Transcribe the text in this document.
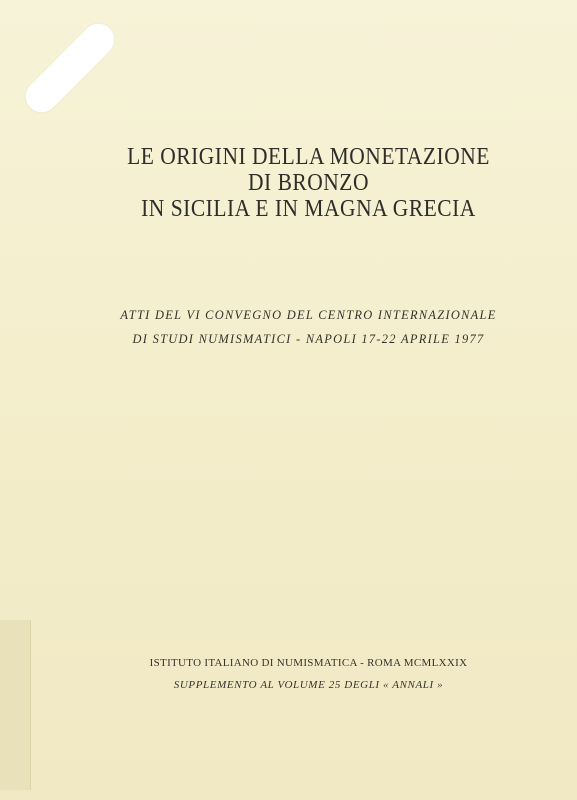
LE ORIGINI DELLA MONETAZIONE
DI BRONZO
IN SICILIA E IN MAGNA GRECIA
ATTI DEL VI CONVEGNO DEL CENTRO INTERNAZIONALE
DI STUDI NUMISMATICI - NAPOLI 17-22 APRILE 1977
ISTITUTO ITALIANO DI NUMISMATICA - ROMA MCMLXXIX
SUPPLEMENTO AL VOLUME 25 DEGLI « ANNALI »
